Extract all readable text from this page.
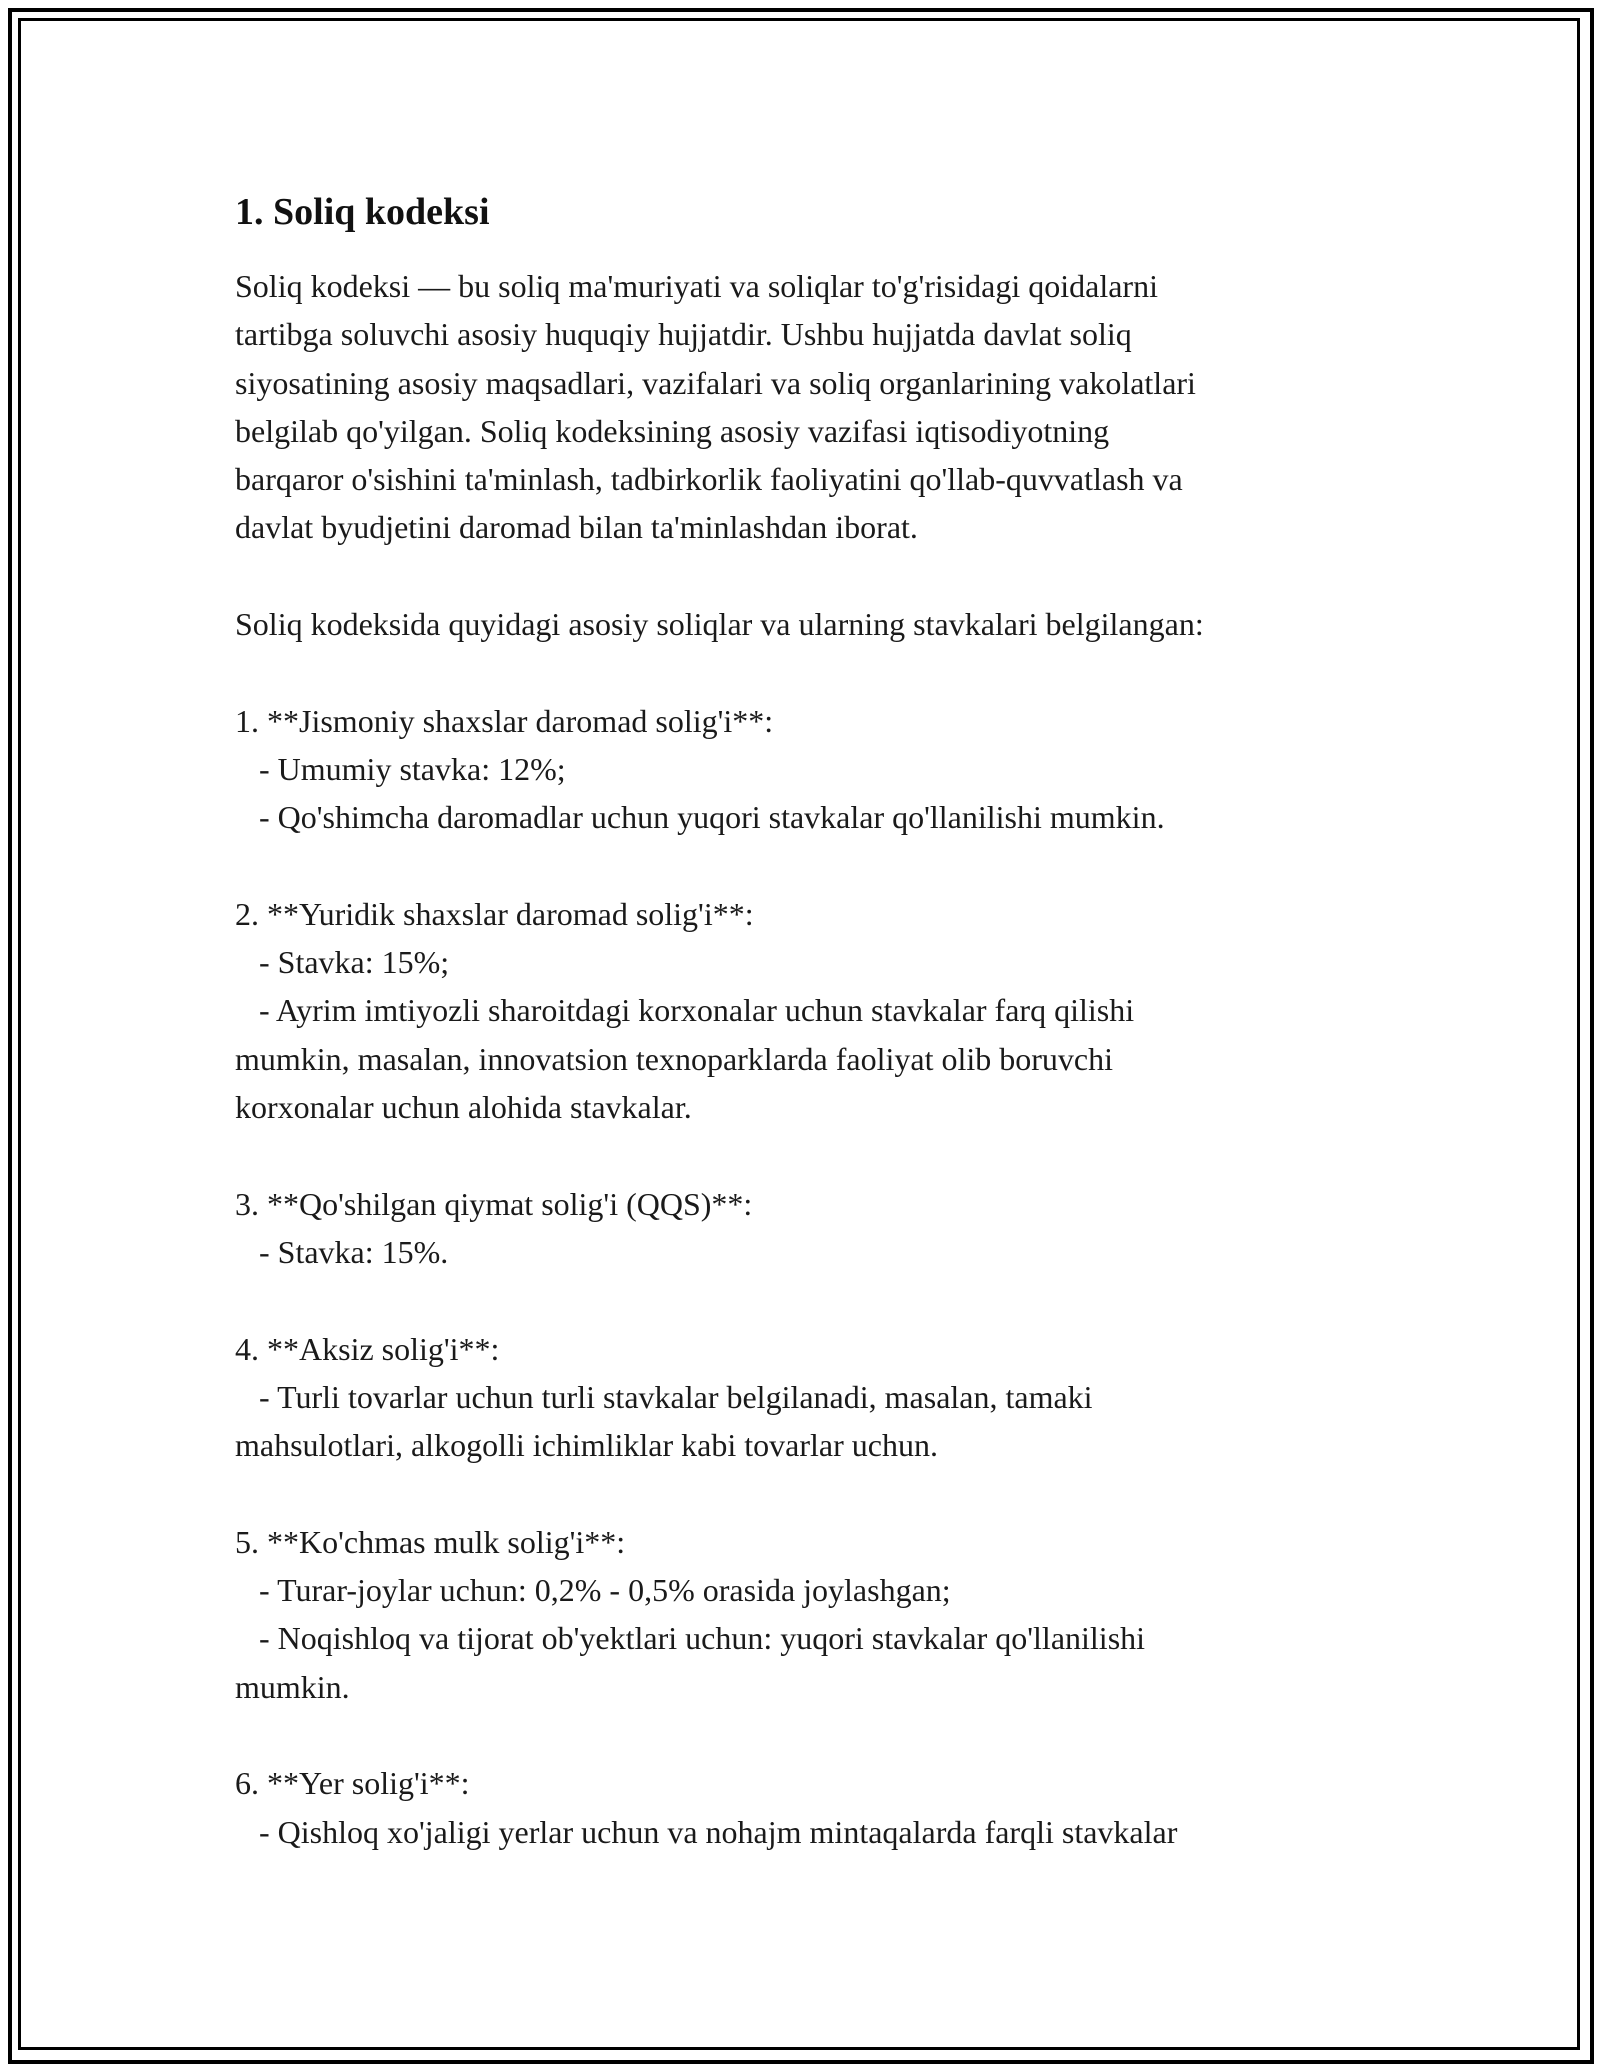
1. Soliq kodeksi

Soliq kodeksi — bu soliq ma'muriyati va soliqlar to'g'risidagi qoidalarni

tartibga soluvchi asosiy huquqiy hujjatdir. Ushbu hujjatda davlat soliq

siyosatining asosiy maqsadlari, vazifalari va soliq organlarining vakolatlari

belgilab qo'yilgan. Soliq kodeksining asosiy vazifasi iqtisodiyotning

barqaror o'sishini ta'minlash, tadbirkorlik faoliyatini qo'llab-quvvatlash va

davlat byudjetini daromad bilan ta'minlashdan iborat.

Soliq kodeksida quyidagi asosiy soliqlar va ularning stavkalari belgilangan:

1. **Jismoniy shaxslar daromad solig'i**:

- Umumiy stavka: 12%;

- Qo'shimcha daromadlar uchun yuqori stavkalar qo'llanilishi mumkin.

2. **Yuridik shaxslar daromad solig'i**:

- Stavka: 15%;

- Ayrim imtiyozli sharoitdagi korxonalar uchun stavkalar farq qilishi

mumkin, masalan, innovatsion texnoparklarda faoliyat olib boruvchi

korxonalar uchun alohida stavkalar.

3. **Qo'shilgan qiymat solig'i (QQS)**:

- Stavka: 15%.

4. **Aksiz solig'i**:

- Turli tovarlar uchun turli stavkalar belgilanadi, masalan, tamaki

mahsulotlari, alkogolli ichimliklar kabi tovarlar uchun.

5. **Ko'chmas mulk solig'i**:

- Turar-joylar uchun: 0,2% - 0,5% orasida joylashgan;

- Noqishloq va tijorat ob'yektlari uchun: yuqori stavkalar qo'llanilishi

mumkin.

6. **Yer solig'i**:

- Qishloq xo'jaligi yerlar uchun va nohajm mintaqalarda farqli stavkalar
